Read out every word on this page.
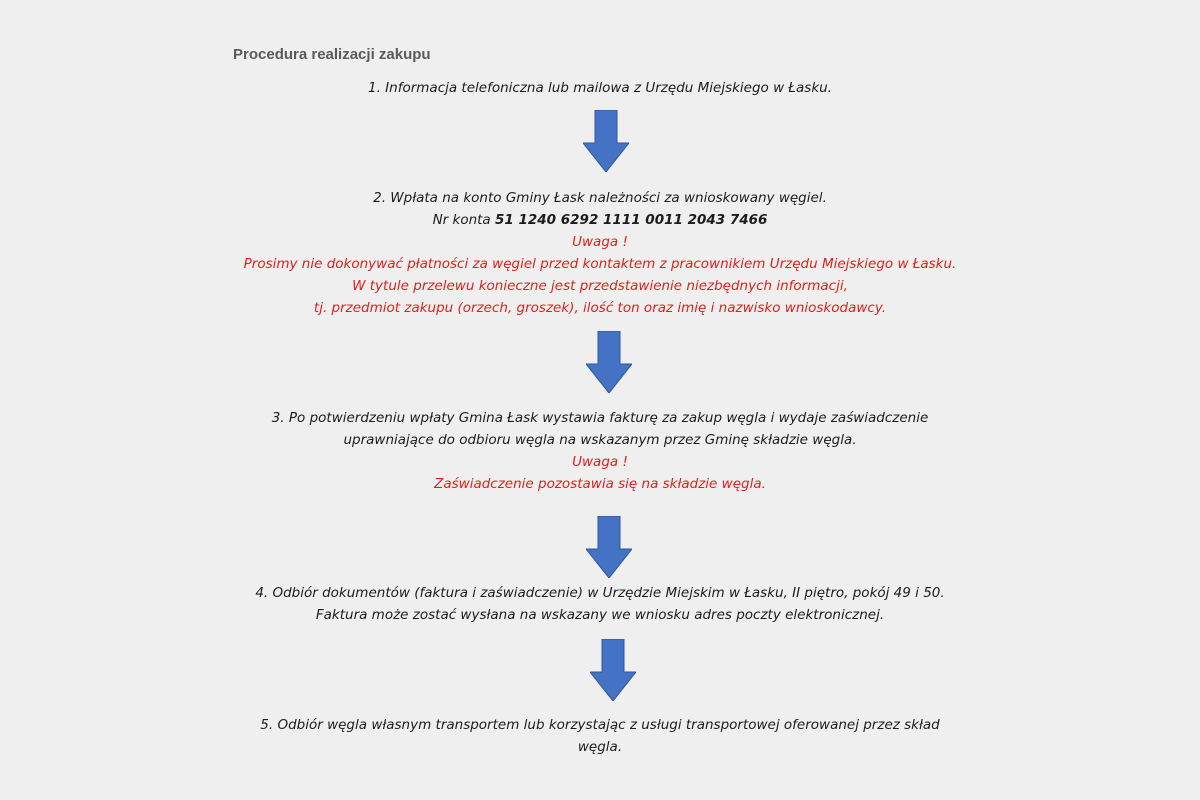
Procedura realizacji zakupu
1. Informacja telefoniczna lub mailowa z Urzędu Miejskiego w Łasku.
2. Wpłata na konto Gminy Łask należności za wnioskowany węgiel.
Nr konta 51 1240 6292 1111 0011 2043 7466
Uwaga !
Prosimy nie dokonywać płatności za węgiel przed kontaktem z pracownikiem Urzędu Miejskiego w Łasku.
W tytule przelewu konieczne jest przedstawienie niezbędnych informacji,
tj. przedmiot zakupu (orzech, groszek), ilość ton oraz imię i nazwisko wnioskodawcy.
3. Po potwierdzeniu wpłaty Gmina Łask wystawia fakturę za zakup węgla i wydaje zaświadczenie
uprawniające do odbioru węgla na wskazanym przez Gminę składzie węgla.
Uwaga !
Zaświadczenie pozostawia się na składzie węgla.
4. Odbiór dokumentów (faktura i zaświadczenie) w Urzędzie Miejskim w Łasku, II piętro, pokój 49 i 50.
Faktura może zostać wysłana na wskazany we wniosku adres poczty elektronicznej.
5. Odbiór węgla własnym transportem lub korzystając z usługi transportowej oferowanej przez skład
węgla.
